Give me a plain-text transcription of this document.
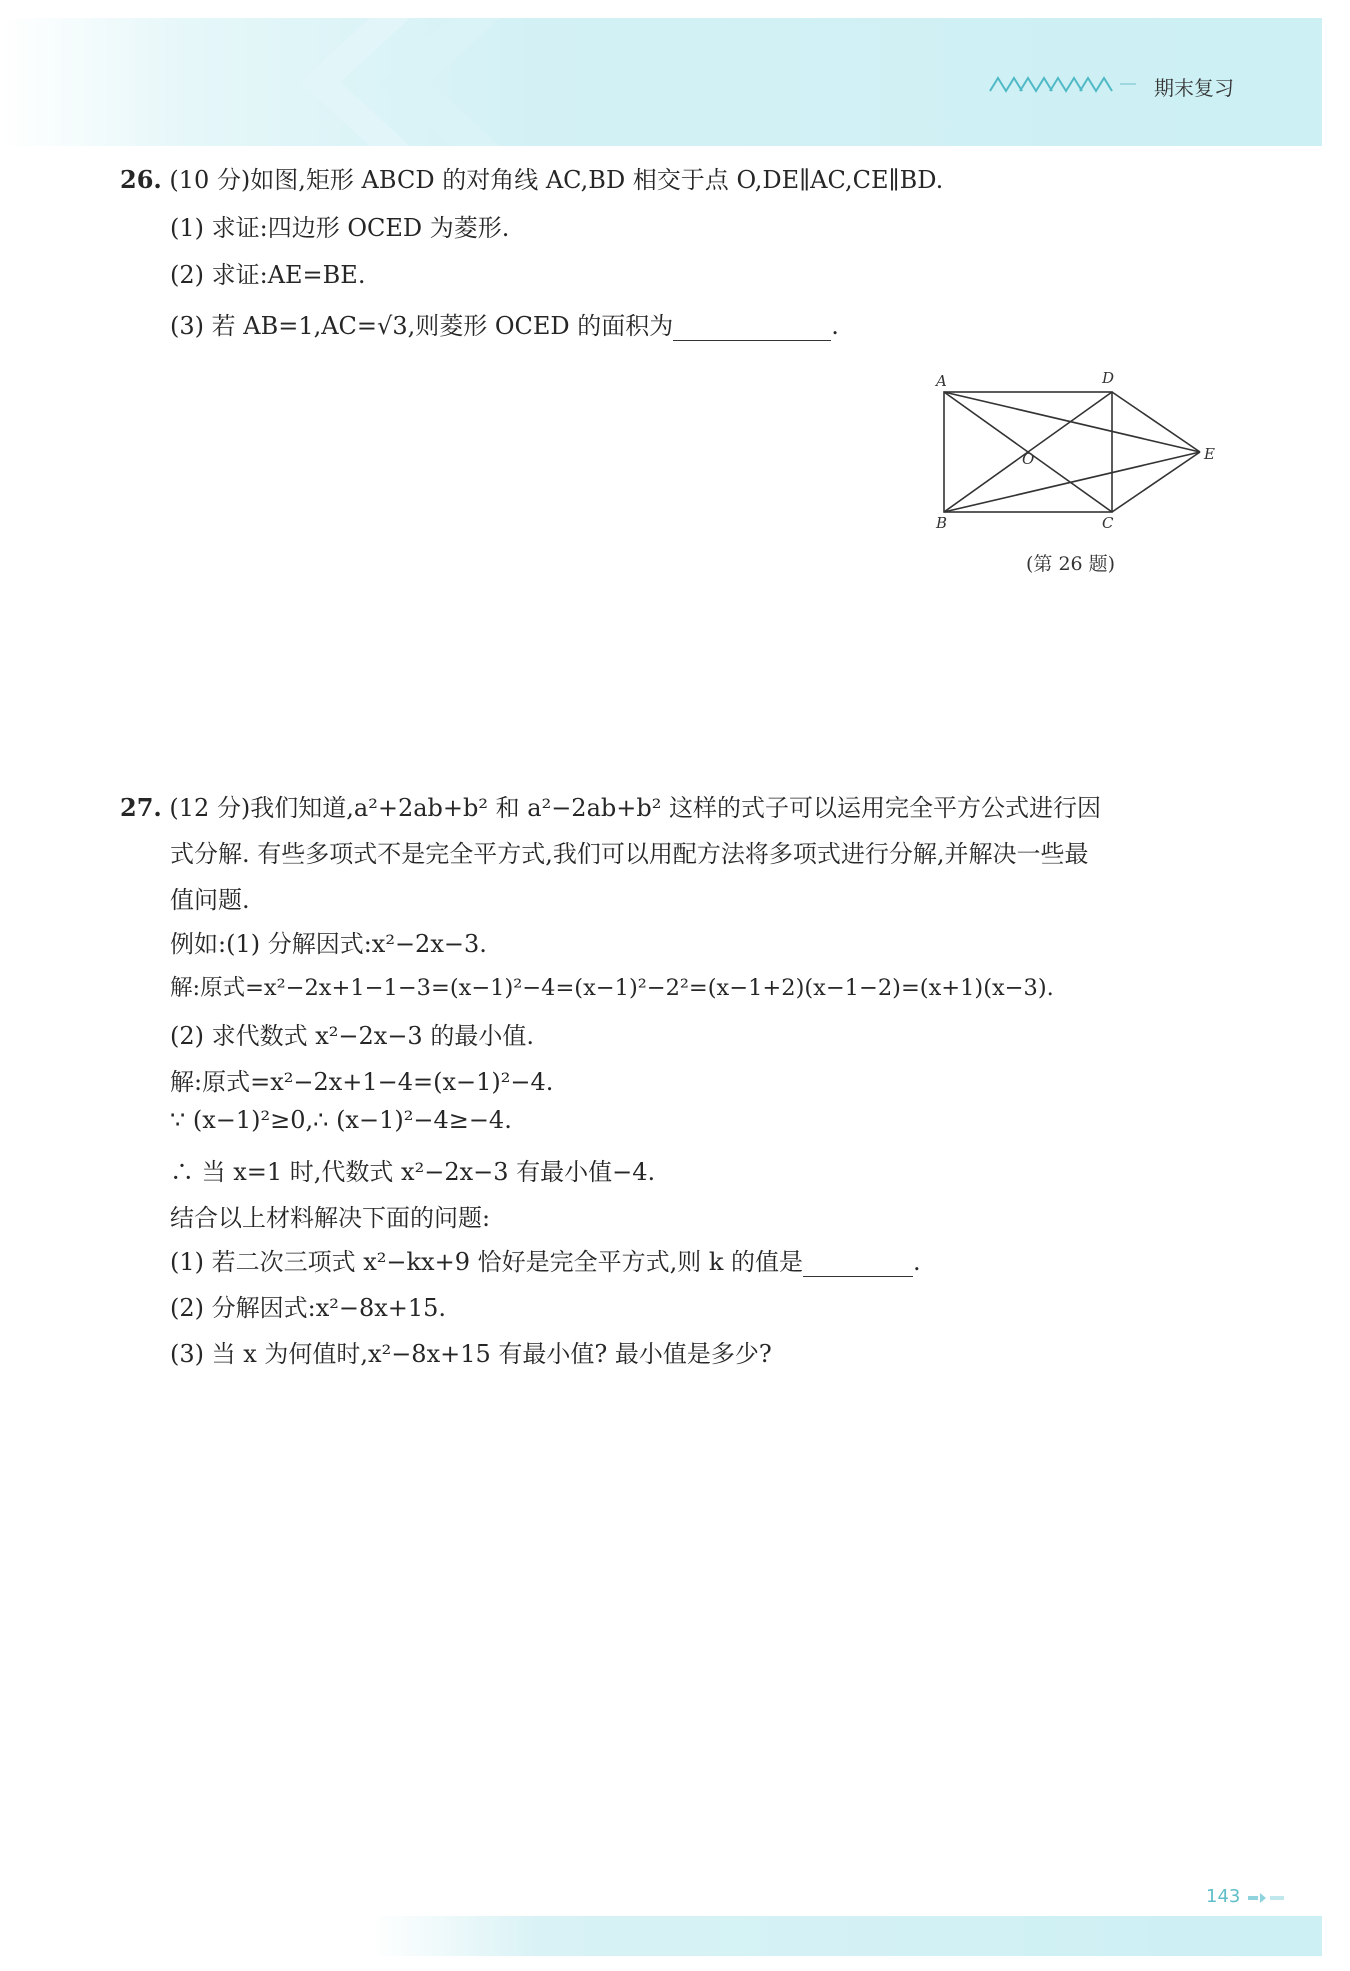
期末复习
26. (10 分)如图,矩形 ABCD 的对角线 AC,BD 相交于点 O,DE∥AC,CE∥BD.
(1) 求证:四边形 OCED 为菱形.
(2) 求证:AE=BE.
(3) 若 AB=1,AC=√3,则菱形 OCED 的面积为	.
A	D
E
O
B	C
(第 26 题)
27. (12 分)我们知道,a²+2ab+b² 和 a²−2ab+b² 这样的式子可以运用完全平方公式进行因
式分解. 有些多项式不是完全平方式,我们可以用配方法将多项式进行分解,并解决一些最
值问题.
例如:(1) 分解因式:x²−2x−3.
解:原式=x²−2x+1−1−3=(x−1)²−4=(x−1)²−2²=(x−1+2)(x−1−2)=(x+1)(x−3).
(2) 求代数式 x²−2x−3 的最小值.
解:原式=x²−2x+1−4=(x−1)²−4.
∵ (x−1)²≥0,∴ (x−1)²−4≥−4.
∴ 当 x=1 时,代数式 x²−2x−3 有最小值−4.
结合以上材料解决下面的问题:
(1) 若二次三项式 x²−kx+9 恰好是完全平方式,则 k 的值是	.
(2) 分解因式:x²−8x+15.
(3) 当 x 为何值时,x²−8x+15 有最小值? 最小值是多少?
143
